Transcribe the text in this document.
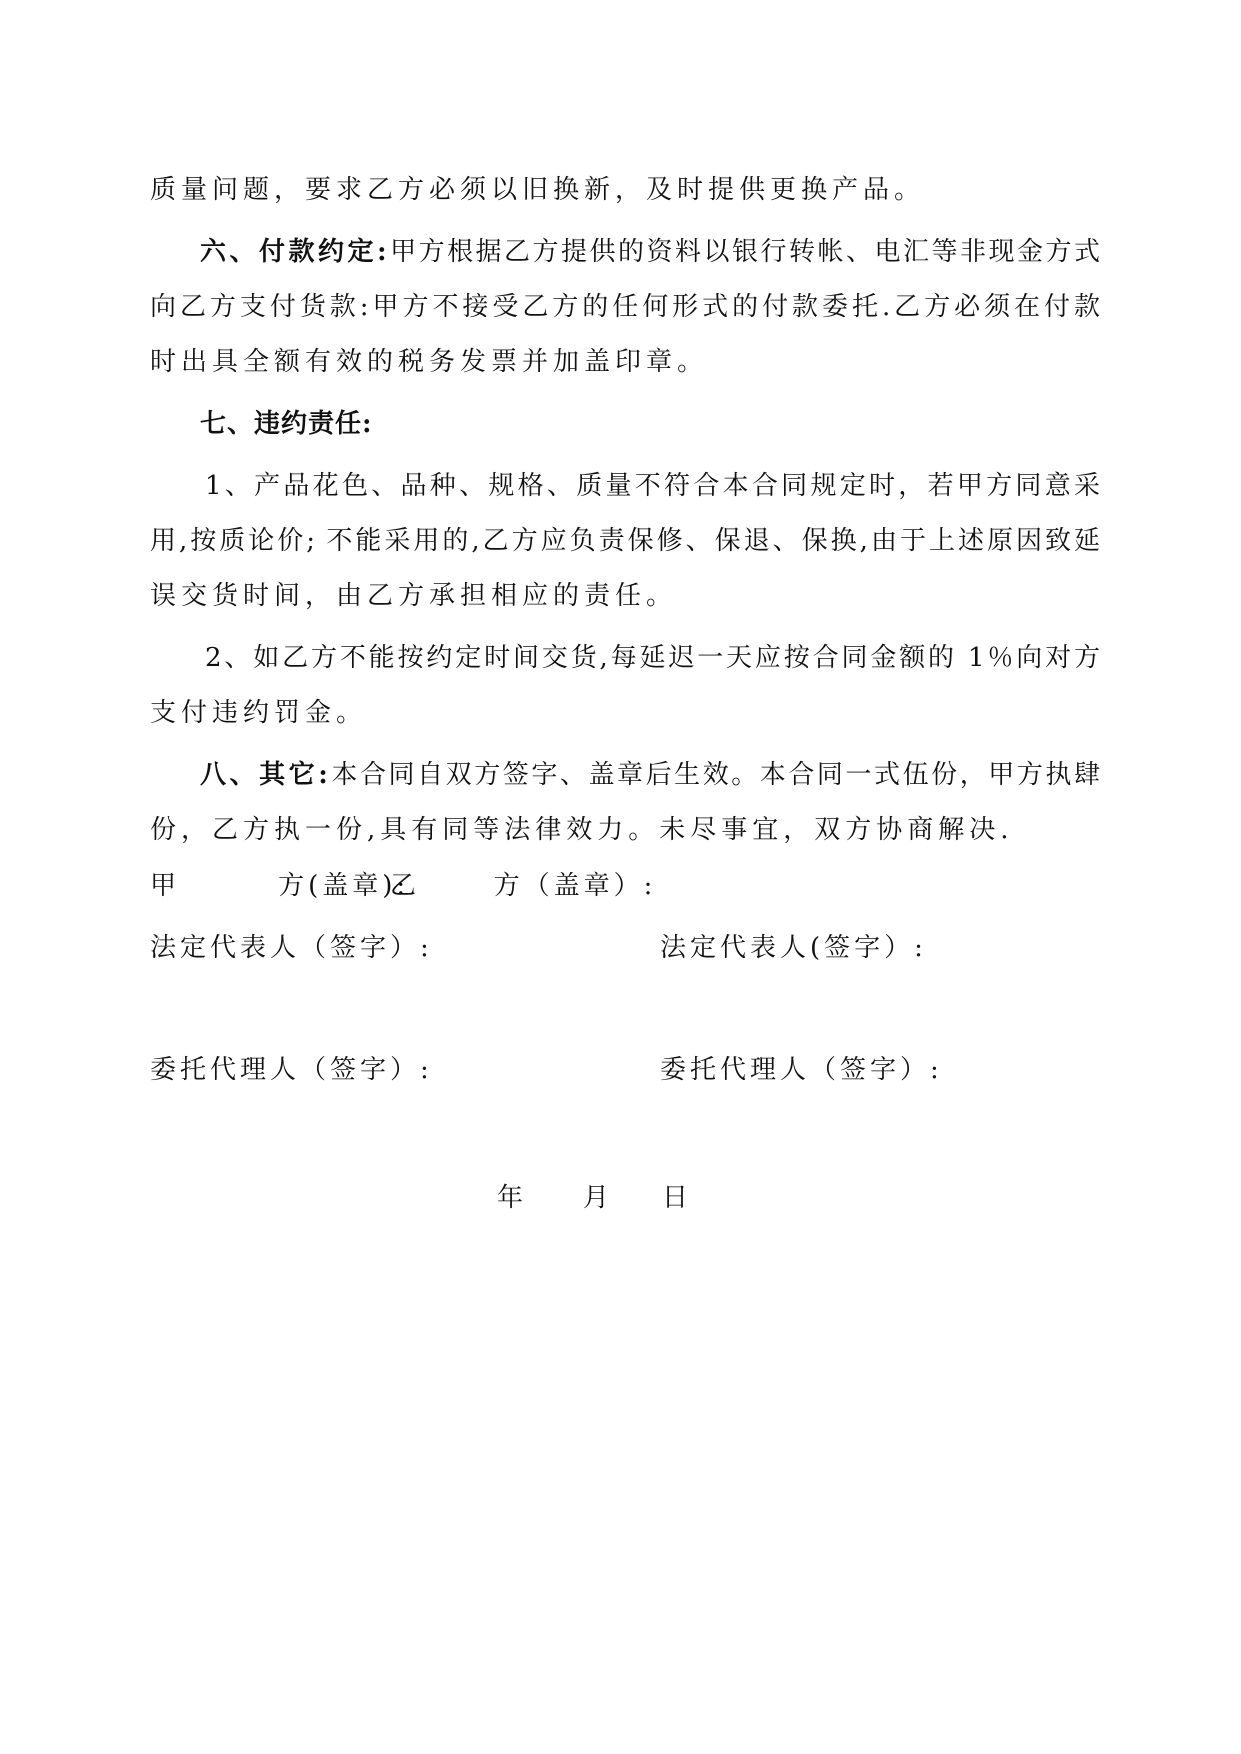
质量问题，要求乙方必须以旧换新，及时提供更换产品。
六、付款约定:甲方根据乙方提供的资料以银行转帐、电汇等非现金方式
向乙方支付货款:甲方不接受乙方的任何形式的付款委托.乙方必须在付款
时出具全额有效的税务发票并加盖印章。
七、违约责任:
1、产品花色、品种、规格、质量不符合本合同规定时，若甲方同意采
用,按质论价; 不能采用的,乙方应负责保修、保退、保换,由于上述原因致延
误交货时间，由乙方承担相应的责任。
2、如乙方不能按约定时间交货,每延迟一天应按合同金额的 1％向对方
支付违约罚金。
八、其它:本合同自双方签字、盖章后生效。本合同一式伍份，甲方执肆
份，乙方执一份,具有同等法律效力。未尽事宜，双方协商解决.
甲        方(盖章):
乙      方（盖章）:
法定代表人（签字）:	法定代表人(签字）:
委托代理人（签字）:	委托代理人（签字）:
年 月 日
